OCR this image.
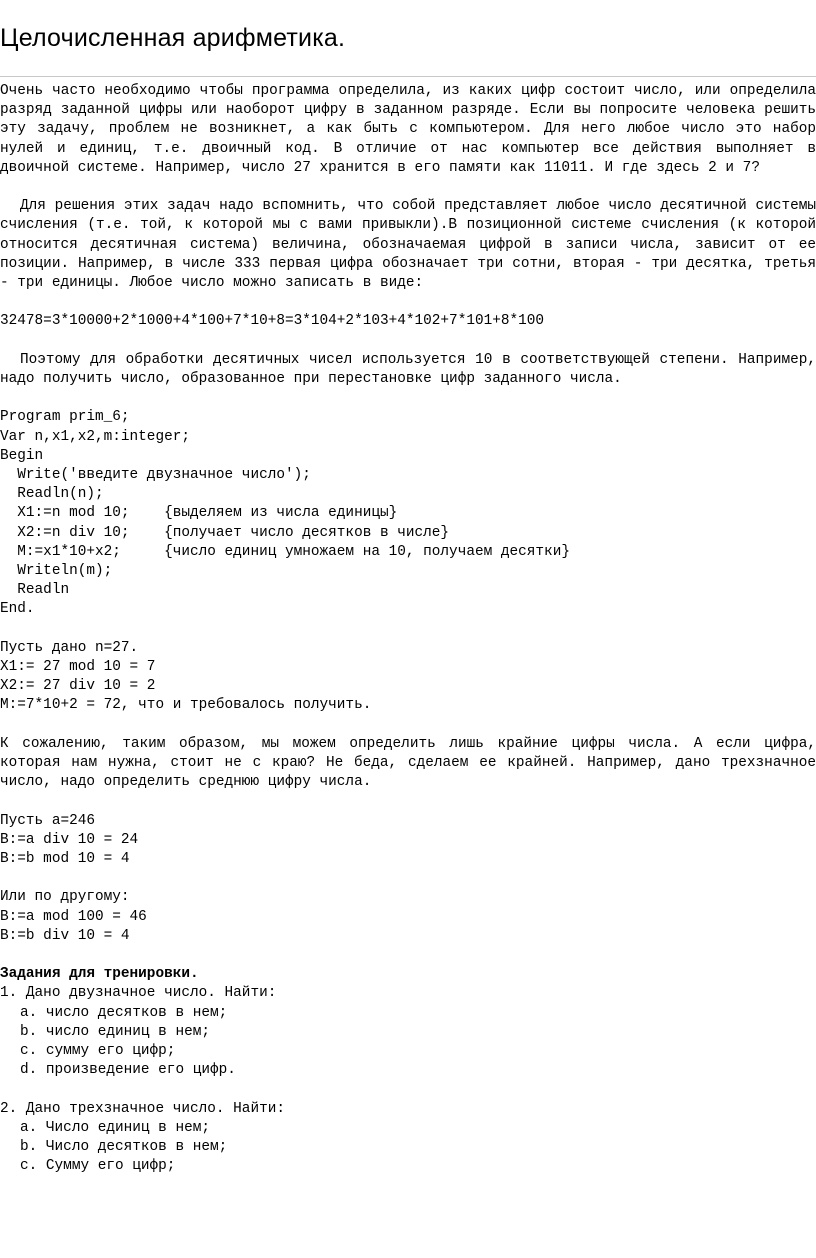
Целочисленная арифметика.

Очень часто необходимо чтобы программа определила, из каких цифр состоит число, или определила разряд заданной цифры или наоборот цифру в заданном разряде. Если вы попросите человека решить эту задачу, проблем не возникнет, а как быть с компьютером. Для него любое число это набор нулей и единиц, т.е. двоичный код. В отличие от нас компьютер все действия выполняет в двоичной системе. Например, число 27 хранится в его памяти как 11011. И где здесь 2 и 7?

Для решения этих задач надо вспомнить, что собой представляет любое число десятичной системы счисления (т.е. той, к которой мы с вами привыкли).В позиционной системе счисления (к которой относится десятичная система) величина, обозначаемая цифрой в записи числа, зависит от ее позиции. Например, в числе 333 первая цифра обозначает три сотни, вторая - три десятка, третья - три единицы. Любое число можно записать в виде:

32478=3*10000+2*1000+4*100+7*10+8=3*104+2*103+4*102+7*101+8*100

Поэтому для обработки десятичных чисел используется 10 в соответствующей степени. Например, надо получить число, образованное при перестановке цифр заданного числа.

Program prim_6;

Var n,x1,x2,m:integer;

Begin

Write('введите двузначное число');

Readln(n);

X1:=n mod 10;    {выделяем из числа единицы}

X2:=n div 10;    {получает число десятков в числе}

M:=x1*10+x2;     {число единиц умножаем на 10, получаем десятки}

Writeln(m);

Readln

End.

Пусть дано n=27.

X1:= 27 mod 10 = 7

X2:= 27 div 10 = 2

M:=7*10+2 = 72, что и требовалось получить.

К сожалению, таким образом, мы можем определить лишь крайние цифры числа. А если цифра, которая нам нужна, стоит не с краю? Не беда, сделаем ее крайней. Например, дано трехзначное число, надо определить среднюю цифру числа.

Пусть a=246

B:=a div 10 = 24

B:=b mod 10 = 4

Или по другому:

B:=a mod 100 = 46

B:=b div 10 = 4

Задания для тренировки.

1. Дано двузначное число. Найти:

a. число десятков в нем;

b. число единиц в нем;

c. сумму его цифр;

d. произведение его цифр.

2. Дано трехзначное число. Найти:

a. Число единиц в нем;

b. Число десятков в нем;

c. Сумму его цифр;
